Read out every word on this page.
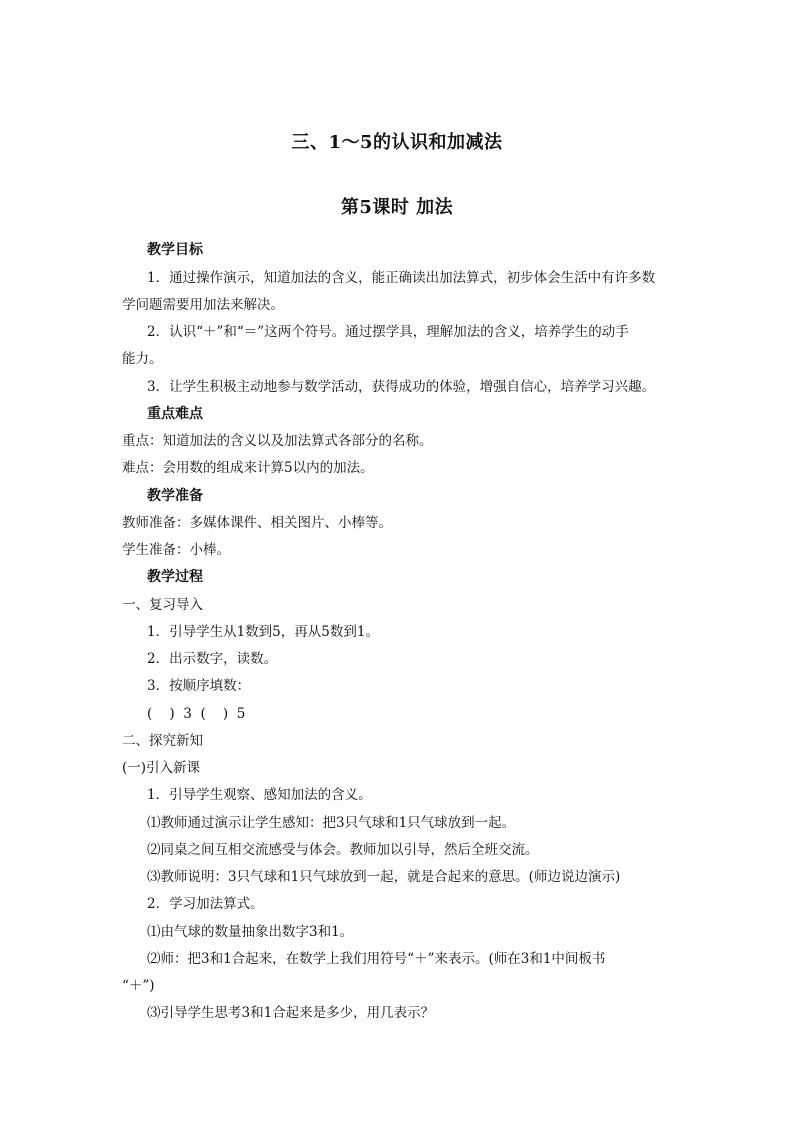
三、1～5的认识和加减法
第5课时 加法
教学目标
1．通过操作演示，知道加法的含义，能正确读出加法算式，初步体会生活中有许多数
学问题需要用加法来解决。
2．认识“＋”和“＝”这两个符号。通过摆学具，理解加法的含义，培养学生的动手
能力。
3．让学生积极主动地参与数学活动，获得成功的体验，增强自信心，培养学习兴趣。
重点难点
重点：知道加法的含义以及加法算式各部分的名称。
难点：会用数的组成来计算5以内的加法。
教学准备
教师准备：多媒体课件、相关图片、小棒等。
学生准备：小棒。
教学过程
一、复习导入
1．引导学生从1数到5，再从5数到1。
2．出示数字，读数。
3．按顺序填数：
(    )  3  (    )  5
二、探究新知
(一)引入新课
1．引导学生观察、感知加法的含义。
⑴教师通过演示让学生感知：把3只气球和1只气球放到一起。
⑵同桌之间互相交流感受与体会。教师加以引导，然后全班交流。
⑶教师说明：3只气球和1只气球放到一起，就是合起来的意思。(师边说边演示)
2．学习加法算式。
⑴由气球的数量抽象出数字3和1。
⑵师：把3和1合起来，在数学上我们用符号“＋”来表示。(师在3和1中间板书
“＋”)
⑶引导学生思考3和1合起来是多少，用几表示？
